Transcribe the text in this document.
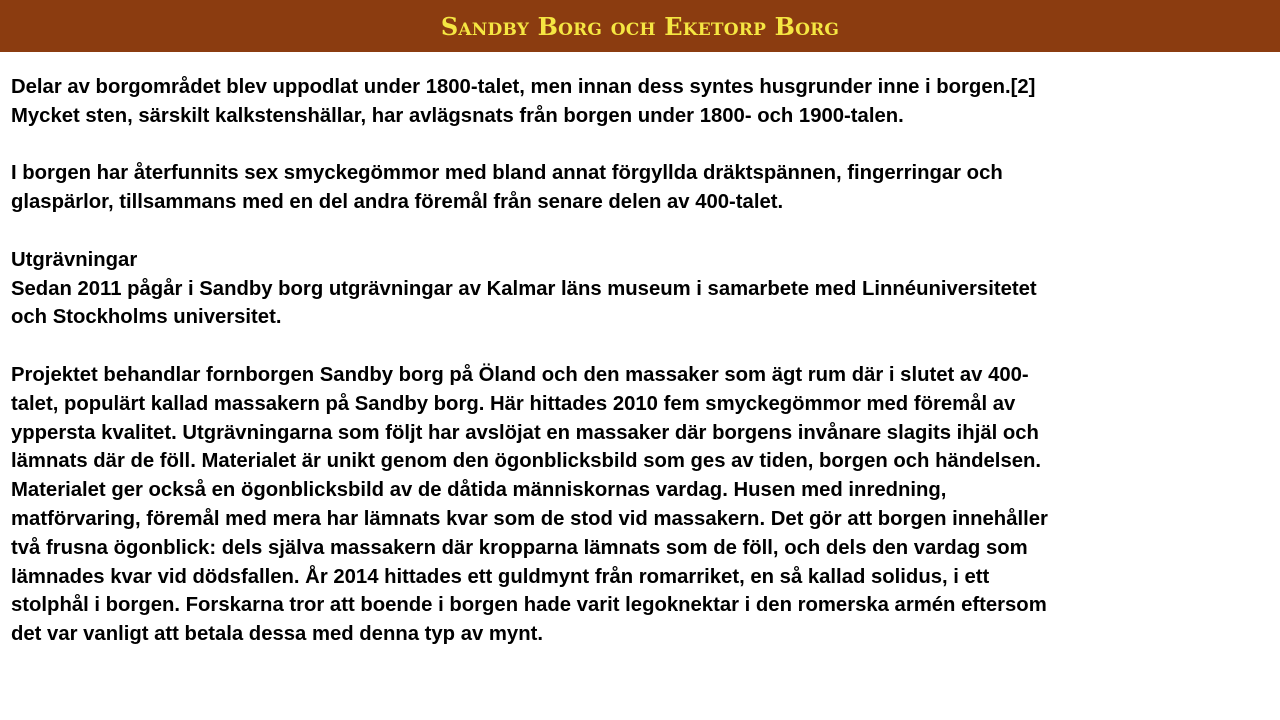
Sandby Borg och Eketorp Borg

Delar av borgområdet blev uppodlat under 1800-talet, men innan dess syntes husgrunder inne i borgen.[2]
Mycket sten, särskilt kalkstenshällar, har avlägsnats från borgen under 1800- och 1900-talen.

I borgen har återfunnits sex smyckegömmor med bland annat förgyllda dräktspännen, fingerringar och
glaspärlor, tillsammans med en del andra föremål från senare delen av 400-talet.

Utgrävningar
Sedan 2011 pågår i Sandby borg utgrävningar av Kalmar läns museum i samarbete med Linnéuniversitetet
och Stockholms universitet.

Projektet behandlar fornborgen Sandby borg på Öland och den massaker som ägt rum där i slutet av 400-
talet, populärt kallad massakern på Sandby borg. Här hittades 2010 fem smyckegömmor med föremål av
yppersta kvalitet. Utgrävningarna som följt har avslöjat en massaker där borgens invånare slagits ihjäl och
lämnats där de föll. Materialet är unikt genom den ögonblicksbild som ges av tiden, borgen och händelsen.
Materialet ger också en ögonblicksbild av de dåtida människornas vardag. Husen med inredning,
matförvaring, föremål med mera har lämnats kvar som de stod vid massakern. Det gör att borgen innehåller
två frusna ögonblick: dels själva massakern där kropparna lämnats som de föll, och dels den vardag som
lämnades kvar vid dödsfallen. År 2014 hittades ett guldmynt från romarriket, en så kallad solidus, i ett
stolphål i borgen. Forskarna tror att boende i borgen hade varit legoknektar i den romerska armén eftersom
det var vanligt att betala dessa med denna typ av mynt.
